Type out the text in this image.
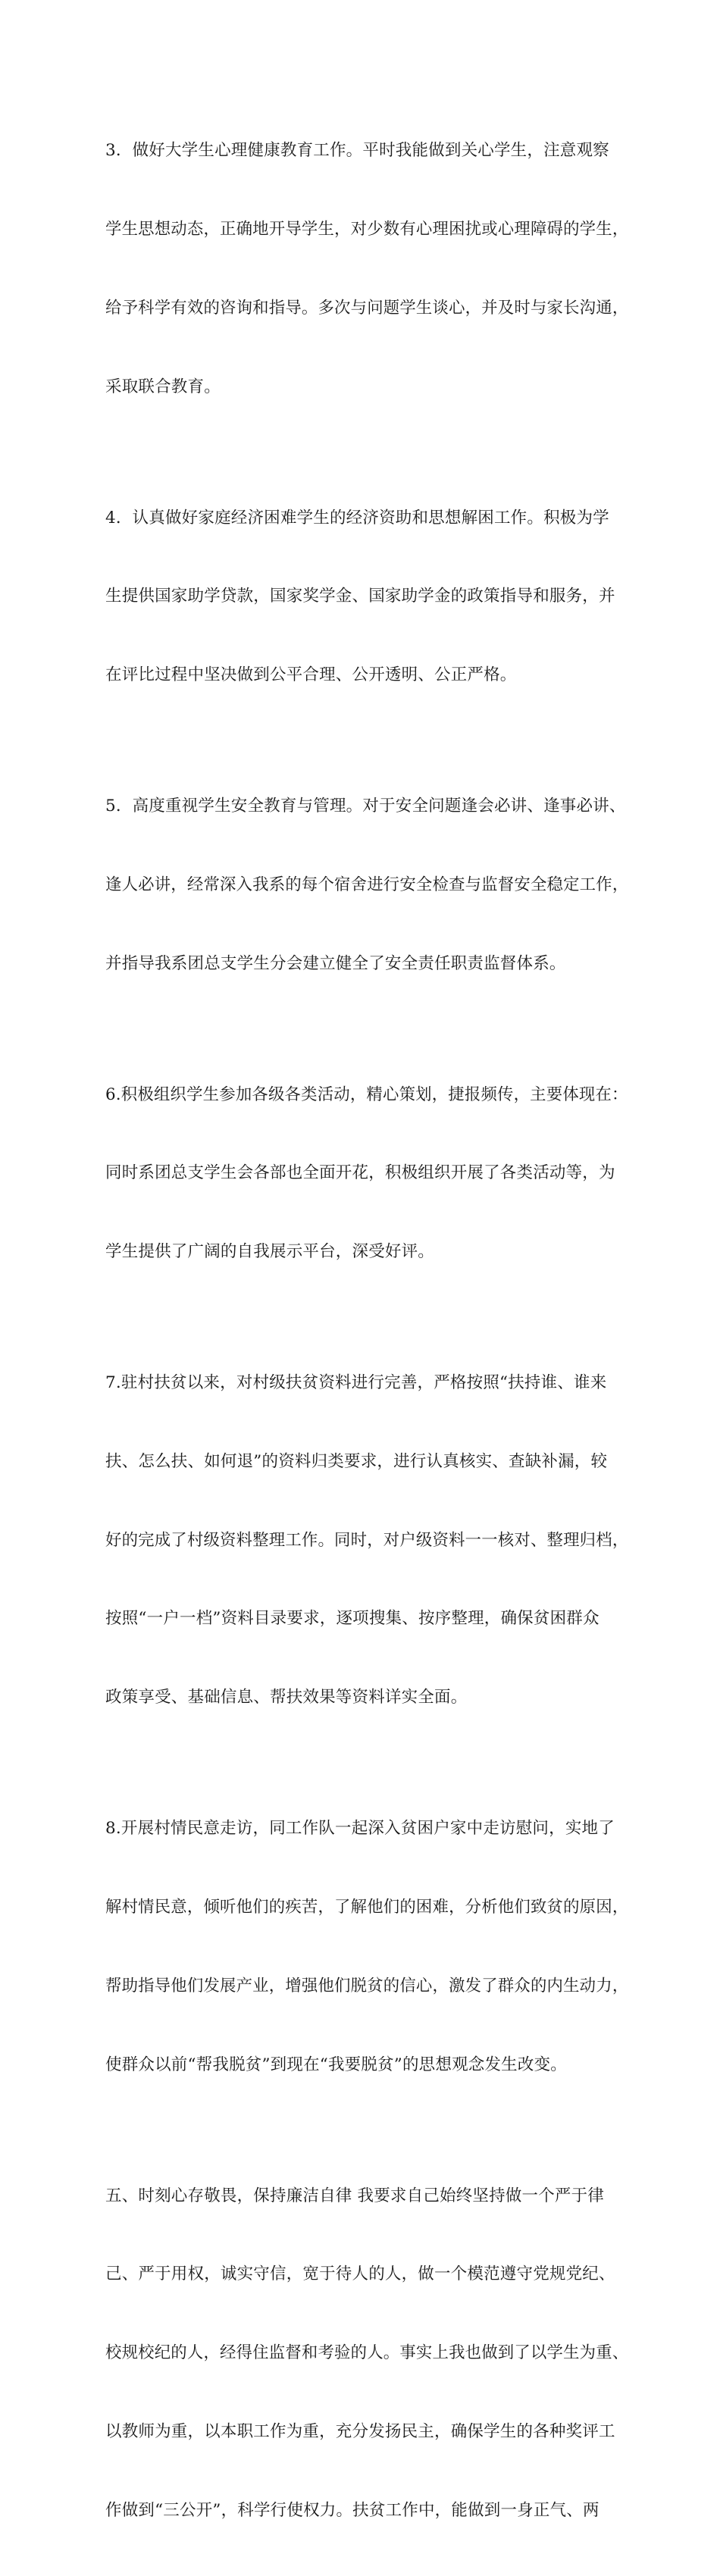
3．做好大学生心理健康教育工作。平时我能做到关心学生，注意观察

学生思想动态，正确地开导学生，对少数有心理困扰或心理障碍的学生，

给予科学有效的咨询和指导。多次与问题学生谈心，并及时与家长沟通，

采取联合教育。

4．认真做好家庭经济困难学生的经济资助和思想解困工作。积极为学

生提供国家助学贷款，国家奖学金、国家助学金的政策指导和服务，并

在评比过程中坚决做到公平合理、公开透明、公正严格。

5．高度重视学生安全教育与管理。对于安全问题逢会必讲、逢事必讲、

逢人必讲，经常深入我系的每个宿舍进行安全检查与监督安全稳定工作，

并指导我系团总支学生分会建立健全了安全责任职责监督体系。

6.积极组织学生参加各级各类活动，精心策划，捷报频传，主要体现在：

同时系团总支学生会各部也全面开花，积极组织开展了各类活动等，为

学生提供了广阔的自我展示平台，深受好评。

7.驻村扶贫以来，对村级扶贫资料进行完善，严格按照“扶持谁、谁来

扶、怎么扶、如何退”的资料归类要求，进行认真核实、查缺补漏，较

好的完成了村级资料整理工作。同时，对户级资料一一核对、整理归档，

按照“一户一档”资料目录要求，逐项搜集、按序整理，确保贫困群众

政策享受、基础信息、帮扶效果等资料详实全面。

8.开展村情民意走访，同工作队一起深入贫困户家中走访慰问，实地了

解村情民意，倾听他们的疾苦，了解他们的困难，分析他们致贫的原因，

帮助指导他们发展产业，增强他们脱贫的信心，激发了群众的内生动力，

使群众以前“帮我脱贫”到现在“我要脱贫”的思想观念发生改变。

五、时刻心存敬畏，保持廉洁自律 我要求自己始终坚持做一个严于律

己、严于用权，诚实守信，宽于待人的人，做一个模范遵守党规党纪、

校规校纪的人，经得住监督和考验的人。事实上我也做到了以学生为重、

以教师为重，以本职工作为重，充分发扬民主，确保学生的各种奖评工

作做到“三公开”，科学行使权力。扶贫工作中，能做到一身正气、两
